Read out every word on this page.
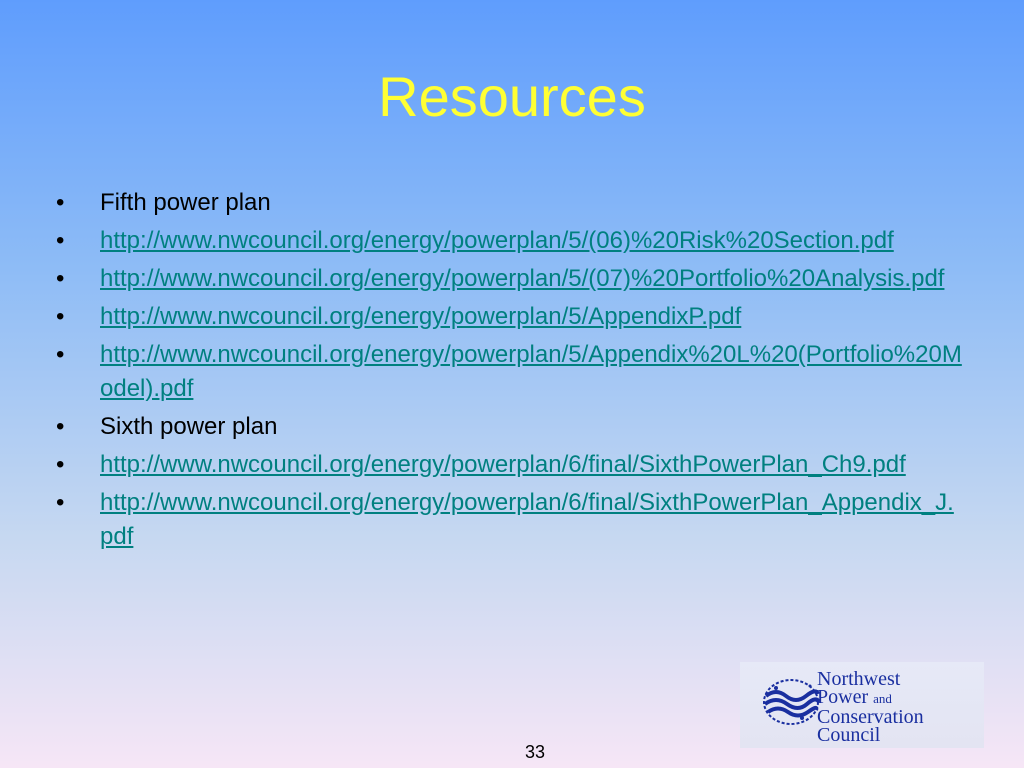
Resources
•	Fifth power plan
•	http://www.nwcouncil.org/energy/powerplan/5/(06)%20Risk%20Section.pdf
•	http://www.nwcouncil.org/energy/powerplan/5/(07)%20Portfolio%20Analysis.pdf
•	http://www.nwcouncil.org/energy/powerplan/5/AppendixP.pdf
•	http://www.nwcouncil.org/energy/powerplan/5/Appendix%20L%20(Portfolio%20Model).pdf
•	Sixth power plan
•	http://www.nwcouncil.org/energy/powerplan/6/final/SixthPowerPlan_Ch9.pdf
•	http://www.nwcouncil.org/energy/powerplan/6/final/SixthPowerPlan_Appendix_J.pdf
Northwest
Power and
Conservation
Council
33
